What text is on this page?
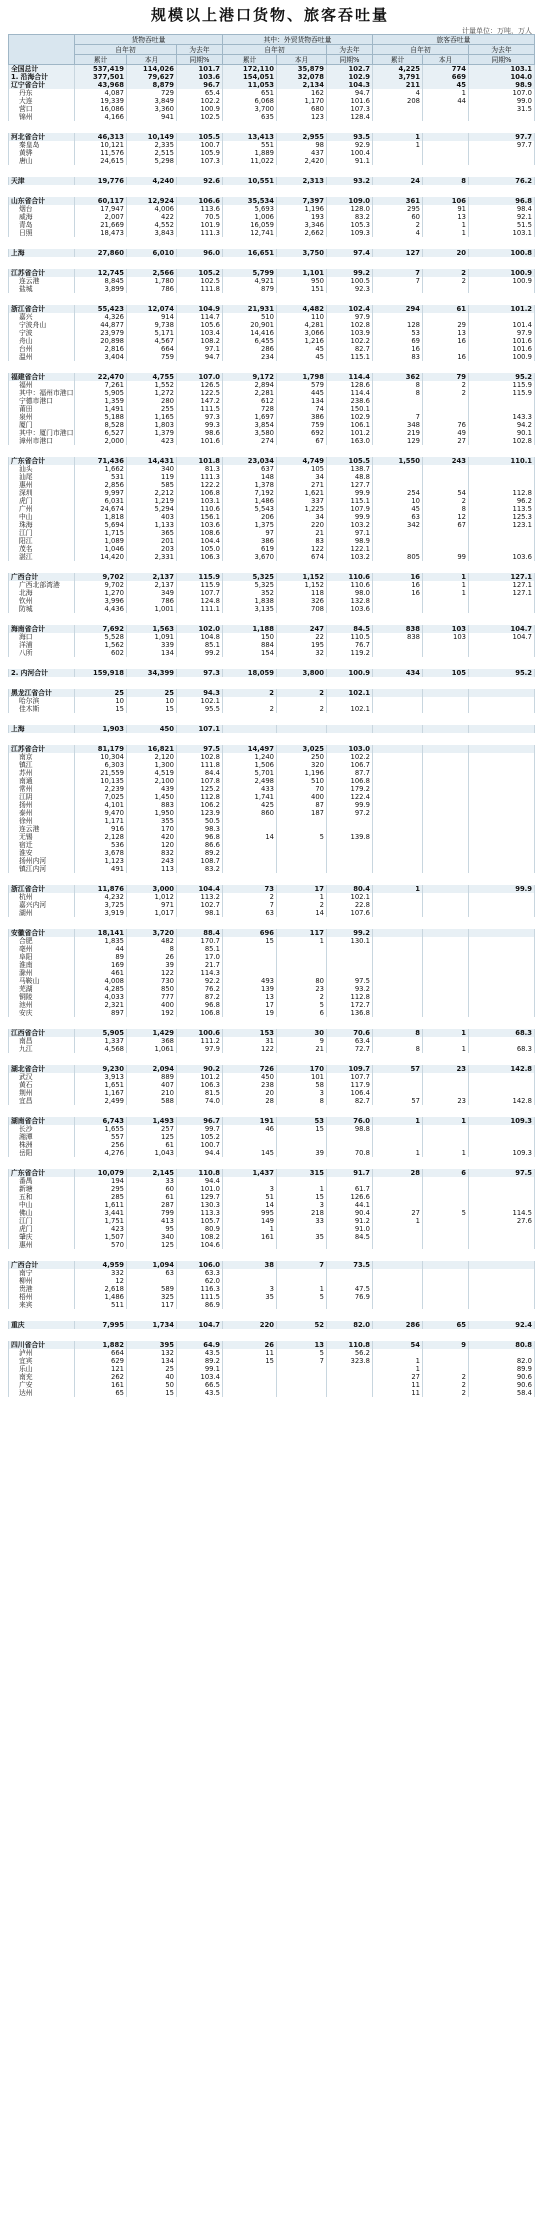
规模以上港口货物、旅客吞吐量
计量单位：万吨，万人
	货物吞吐量			其中：外贸货物吞吐量			旅客吞吐量		
	自年初		为去年	自年初		为去年	自年初		为去年
	累计	本月	同期%	累计	本月	同期%	累计	本月	同期%
全国总计	537,419	114,026	101.7	172,110	35,879	102.7	4,225	774	103.1
1. 沿海合计	377,501	79,627	103.6	154,051	32,078	102.9	3,791	669	104.0
辽宁省合计	43,968	8,879	96.7	11,053	2,134	104.3	211	45	98.9
丹东	4,087	729	65.4	651	162	94.7	4	1	107.0
大连	19,339	3,849	102.2	6,068	1,170	101.6	208	44	99.0
营口	16,086	3,360	100.9	3,700	680	107.3			31.5
锦州	4,166	941	102.5	635	123	128.4			

河北省合计	46,313	10,149	105.5	13,413	2,955	93.5	1		97.7
秦皇岛	10,121	2,335	100.7	551	98	92.9	1		97.7
黄骅	11,576	2,515	105.9	1,889	437	100.4			
唐山	24,615	5,298	107.3	11,022	2,420	91.1			

天津	19,776	4,240	92.6	10,551	2,313	93.2	24	8	76.2

山东省合计	60,117	12,924	106.6	35,534	7,397	109.0	361	106	96.8
烟台	17,947	4,006	113.6	5,693	1,196	128.0	295	91	98.4
威海	2,007	422	70.5	1,006	193	83.2	60	13	92.1
青岛	21,669	4,552	101.9	16,059	3,346	105.3	2	1	51.5
日照	18,473	3,843	111.3	12,741	2,662	109.3	4	1	103.1

上海	27,860	6,010	96.0	16,651	3,750	97.4	127	20	100.8

江苏省合计	12,745	2,566	105.2	5,799	1,101	99.2	7	2	100.9
连云港	8,845	1,780	102.5	4,921	950	100.5	7	2	100.9
盐城	3,899	786	111.8	879	151	92.3			

浙江省合计	55,423	12,074	104.9	21,931	4,482	102.4	294	61	101.2
嘉兴	4,326	914	114.7	510	110	97.9			
宁波舟山	44,877	9,738	105.6	20,901	4,281	102.8	128	29	101.4
宁波	23,979	5,171	103.4	14,416	3,066	103.9	53	13	97.9
舟山	20,898	4,567	108.2	6,455	1,216	102.2	69	16	101.6
台州	2,816	664	97.1	286	45	82.7	16		101.6
温州	3,404	759	94.7	234	45	115.1	83	16	100.9

福建省合计	22,470	4,755	107.0	9,172	1,798	114.4	362	79	95.2
福州	7,261	1,552	126.5	2,894	579	128.6	8	2	115.9
其中：福州市港口	5,905	1,272	122.5	2,281	445	114.4	8	2	115.9
宁德市港口	1,359	280	147.2	612	134	238.6			
莆田	1,491	255	111.5	728	74	150.1			
泉州	5,188	1,165	97.3	1,697	386	102.9	7		143.3
厦门	8,528	1,803	99.3	3,854	759	106.1	348	76	94.2
其中：厦门市港口	6,527	1,379	98.6	3,580	692	101.2	219	49	90.1
漳州市港口	2,000	423	101.6	274	67	163.0	129	27	102.8

广东省合计	71,436	14,431	101.8	23,034	4,749	105.5	1,550	243	110.1
汕头	1,662	340	81.3	637	105	138.7			
汕尾	531	119	111.3	148	34	48.8			
惠州	2,856	585	122.2	1,378	271	127.7			
深圳	9,997	2,212	106.8	7,192	1,621	99.9	254	54	112.8
虎门	6,031	1,219	103.1	1,486	337	115.1	10	2	96.2
广州	24,674	5,294	110.6	5,543	1,225	107.9	45	8	113.5
中山	1,818	403	156.1	206	34	99.9	63	12	125.3
珠海	5,694	1,133	103.6	1,375	220	103.2	342	67	123.1
江门	1,715	365	108.6	97	21	97.1			
阳江	1,089	201	104.4	386	83	98.9			
茂名	1,046	203	105.0	619	122	122.1			
湛江	14,420	2,331	106.3	3,670	674	103.2	805	99	103.6

广西合计	9,702	2,137	115.9	5,325	1,152	110.6	16	1	127.1
广西北部湾港	9,702	2,137	115.9	5,325	1,152	110.6	16	1	127.1
北海	1,270	349	107.7	352	118	98.0	16	1	127.1
钦州	3,996	786	124.8	1,838	326	132.8			
防城	4,436	1,001	111.1	3,135	708	103.6			

海南省合计	7,692	1,563	102.0	1,188	247	84.5	838	103	104.7
海口	5,528	1,091	104.8	150	22	110.5	838	103	104.7
洋浦	1,562	339	85.1	884	195	76.7			
八所	602	134	99.2	154	32	119.2			

2. 内河合计	159,918	34,399	97.3	18,059	3,800	100.9	434	105	95.2

黑龙江省合计	25	25	94.3	2	2	102.1			
哈尔滨	10	10	102.1						
佳木斯	15	15	95.5	2	2	102.1			

上海	1,903	450	107.1						

江苏省合计	81,179	16,821	97.5	14,497	3,025	103.0			
南京	10,304	2,120	102.8	1,240	250	102.2			
镇江	6,303	1,300	111.8	1,506	320	106.7			
苏州	21,559	4,519	84.4	5,701	1,196	87.7			
南通	10,135	2,100	107.8	2,498	510	106.8			
常州	2,239	439	125.2	433	70	179.2			
江阴	7,025	1,450	112.8	1,741	400	122.4			
扬州	4,101	883	106.2	425	87	99.9			
泰州	9,470	1,950	123.9	860	187	97.2			
徐州	1,171	355	50.5						
连云港	916	170	98.3						
无锡	2,128	420	96.8	14	5	139.8			
宿迁	536	120	86.6						
淮安	3,678	832	89.2						
扬州内河	1,123	243	108.7						
镇江内河	491	113	83.2						

浙江省合计	11,876	3,000	104.4	73	17	80.4	1		99.9
杭州	4,232	1,012	113.2	2	1	102.1			
嘉兴内河	3,725	971	102.7	7	2	22.8			
湖州	3,919	1,017	98.1	63	14	107.6			

安徽省合计	18,141	3,720	88.4	696	117	99.2			
合肥	1,835	482	170.7	15	1	130.1			
亳州	44	8	85.1						
阜阳	89	26	17.0						
淮南	169	39	21.7						
滁州	461	122	114.3						
马鞍山	4,008	730	92.2	493	80	97.5			
芜湖	4,285	850	76.2	139	23	93.2			
铜陵	4,033	777	87.2	13	2	112.8			
池州	2,321	400	96.8	17	5	172.7			
安庆	897	192	106.8	19	6	136.8			

江西省合计	5,905	1,429	100.6	153	30	70.6	8	1	68.3
南昌	1,337	368	111.2	31	9	63.4			
九江	4,568	1,061	97.9	122	21	72.7	8	1	68.3

湖北省合计	9,230	2,094	90.2	726	170	109.7	57	23	142.8
武汉	3,913	889	101.2	450	101	107.7			
黄石	1,651	407	106.3	238	58	117.9			
荆州	1,167	210	81.5	20	3	106.4			
宜昌	2,499	588	74.0	28	8	82.7	57	23	142.8

湖南省合计	6,743	1,493	96.7	191	53	76.0	1	1	109.3
长沙	1,655	257	99.7	46	15	98.8			
湘潭	557	125	105.2						
株洲	256	61	100.7						
岳阳	4,276	1,043	94.4	145	39	70.8	1	1	109.3

广东省合计	10,079	2,145	110.8	1,437	315	91.7	28	6	97.5
番禺	194	33	94.4						
新塘	295	60	101.0	3	1	61.7			
五和	285	61	129.7	51	15	126.6			
中山	1,611	287	130.3	14	3	44.1			
佛山	3,441	799	113.3	995	218	90.4	27	5	114.5
江门	1,751	413	105.7	149	33	91.2	1		27.6
虎门	423	95	80.9	1		91.0			
肇庆	1,507	340	108.2	161	35	84.5			
惠州	570	125	104.6						

广西合计	4,959	1,094	106.0	38	7	73.5			
南宁	332	63	63.3						
柳州	12		62.0						
贵港	2,618	589	116.3	3	1	47.5			
梧州	1,486	325	111.5	35	5	76.9			
来宾	511	117	86.9						

重庆	7,995	1,734	104.7	220	52	82.0	286	65	92.4

四川省合计	1,882	395	64.9	26	13	110.8	54	9	80.8
泸州	664	132	43.5	11	5	56.2			
宜宾	629	134	89.2	15	7	323.8	1		82.0
乐山	121	25	99.1				1		89.9
南充	262	40	103.4				27	2	90.6
广安	161	50	66.5				11	2	90.6
达州	65	15	43.5				11	2	58.4
